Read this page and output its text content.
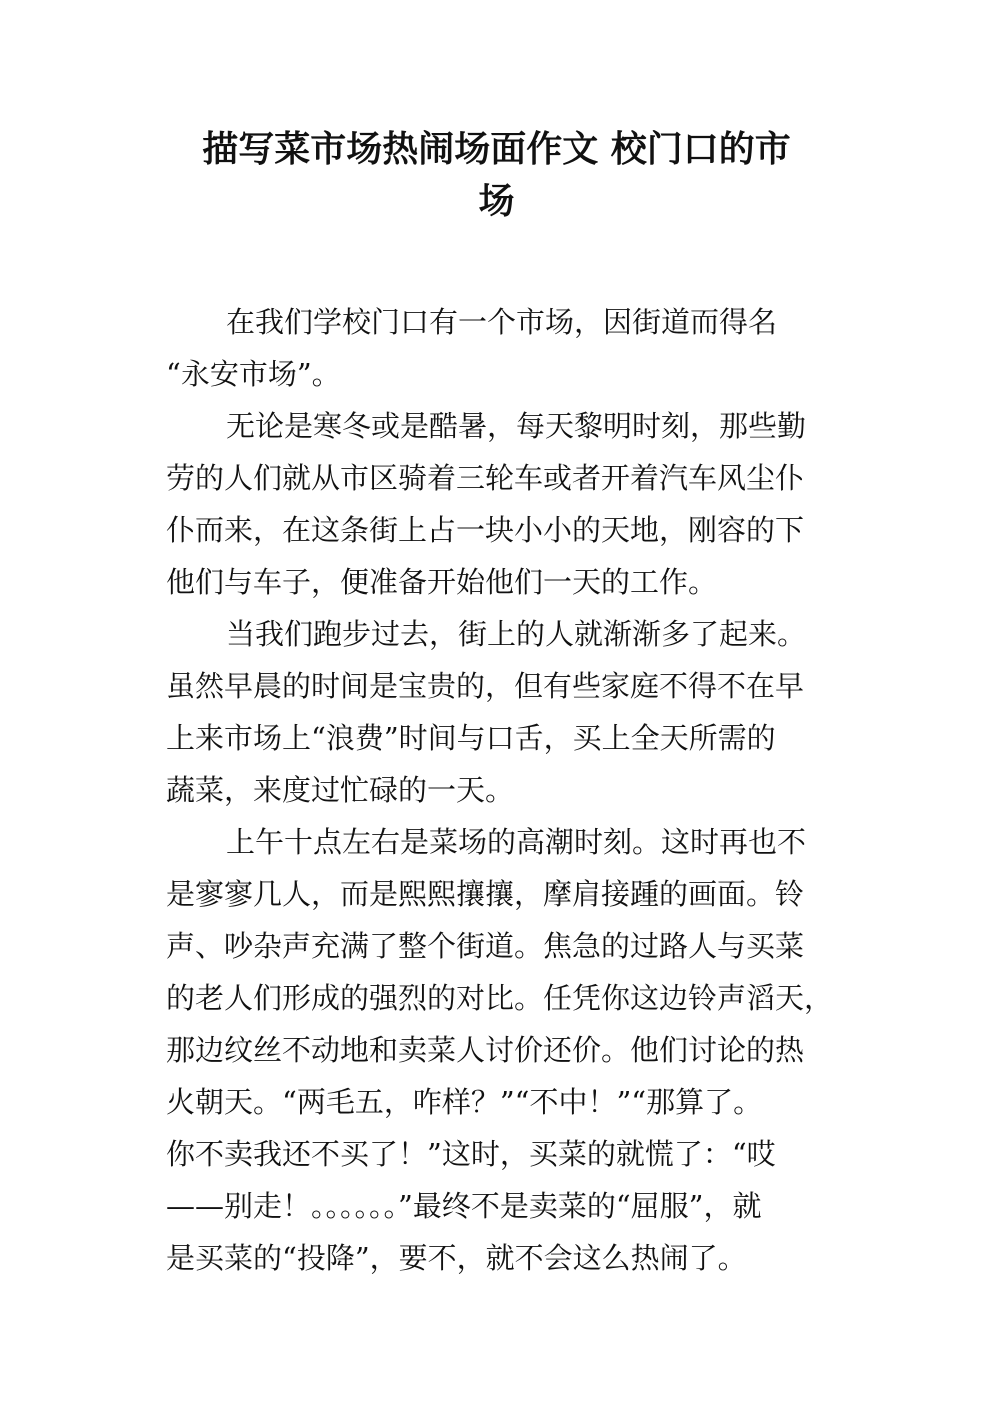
描写菜市场热闹场面作文 校门口的市
场

在我们学校门口有一个市场，因街道而得名

“永安市场”。

无论是寒冬或是酷暑，每天黎明时刻，那些勤

劳的人们就从市区骑着三轮车或者开着汽车风尘仆

仆而来，在这条街上占一块小小的天地，刚容的下

他们与车子，便准备开始他们一天的工作。

当我们跑步过去，街上的人就渐渐多了起来。

虽然早晨的时间是宝贵的，但有些家庭不得不在早

上来市场上“浪费”时间与口舌，买上全天所需的

蔬菜，来度过忙碌的一天。

上午十点左右是菜场的高潮时刻。这时再也不

是寥寥几人，而是熙熙攘攘，摩肩接踵的画面。铃

声、吵杂声充满了整个街道。焦急的过路人与买菜

的老人们形成的强烈的对比。任凭你这边铃声滔天，

那边纹丝不动地和卖菜人讨价还价。他们讨论的热

火朝天。“两毛五，咋样？”“不中！”“那算了。

你不卖我还不买了！”这时，买菜的就慌了：“哎

——别走！。。。。。。”最终不是卖菜的“屈服”，就

是买菜的“投降”，要不，就不会这么热闹了。
